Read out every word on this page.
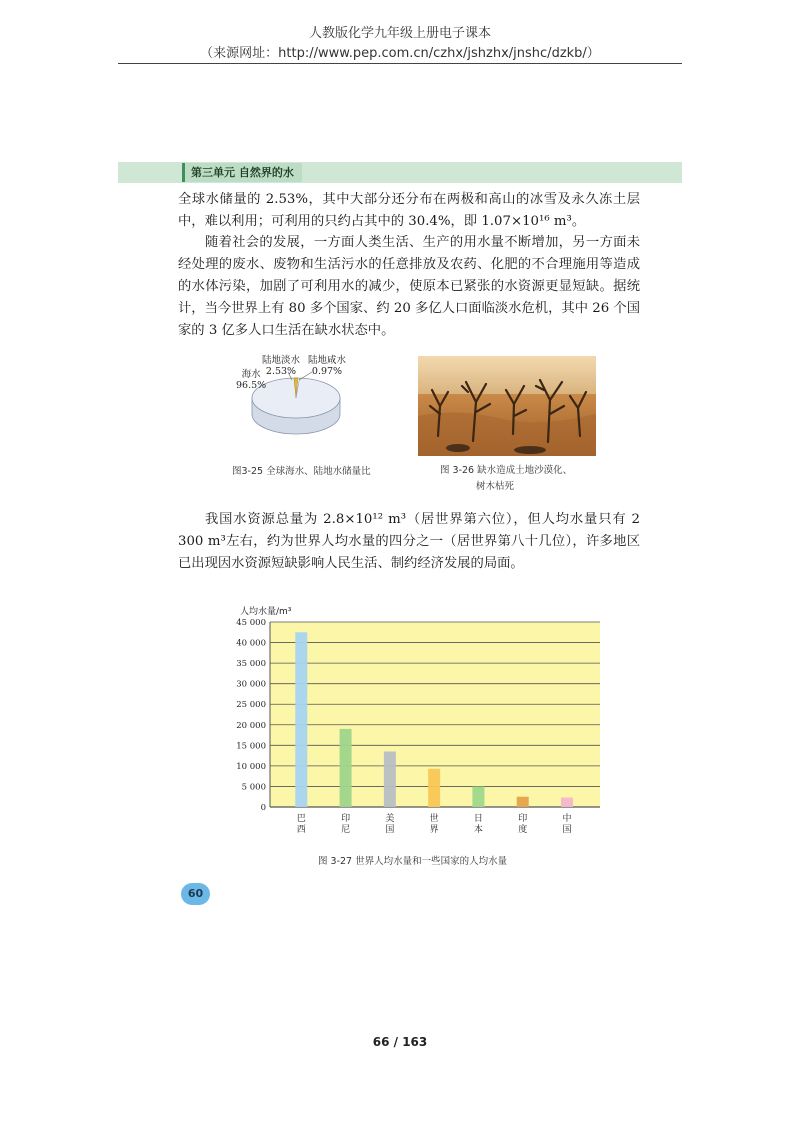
人教版化学九年级上册电子课本
（来源网址：http://www.pep.com.cn/czhx/jshzhx/jnshc/dzkb/）
第三单元 自然界的水

全球水储量的 2.53%，其中大部分还分布在两极和高山的冰雪及永久冻土层中，难以利用；可利用的只约占其中的 30.4%，即 1.07×10¹⁶ m³。

随着社会的发展，一方面人类生活、生产的用水量不断增加，另一方面未经处理的废水、废物和生活污水的任意排放及农药、化肥的不合理施用等造成的水体污染，加剧了可利用水的减少，使原本已紧张的水资源更显短缺。据统计，当今世界上有 80 多个国家、约 20 多亿人口面临淡水危机，其中 26 个国家的 3 亿多人口生活在缺水状态中。

海水
96.5%
陆地淡水
2.53%
陆地咸水
0.97%
图3-25 全球海水、陆地水储量比	图 3-26 缺水造成土地沙漠化、
树木枯死

我国水资源总量为 2.8×10¹² m³（居世界第六位），但人均水量只有 2 300 m³左右，约为世界人均水量的四分之一（居世界第八十几位），许多地区已出现因水资源短缺影响人民生活、制约经济发展的局面。

0
5 000
10 000
15 000
20 000
25 000
30 000
35 000
40 000
45 000
人均水量/m³
巴西
印尼
美国
世界
日本
印度
中国
图 3-27 世界人均水量和一些国家的人均水量
60
66 / 163
